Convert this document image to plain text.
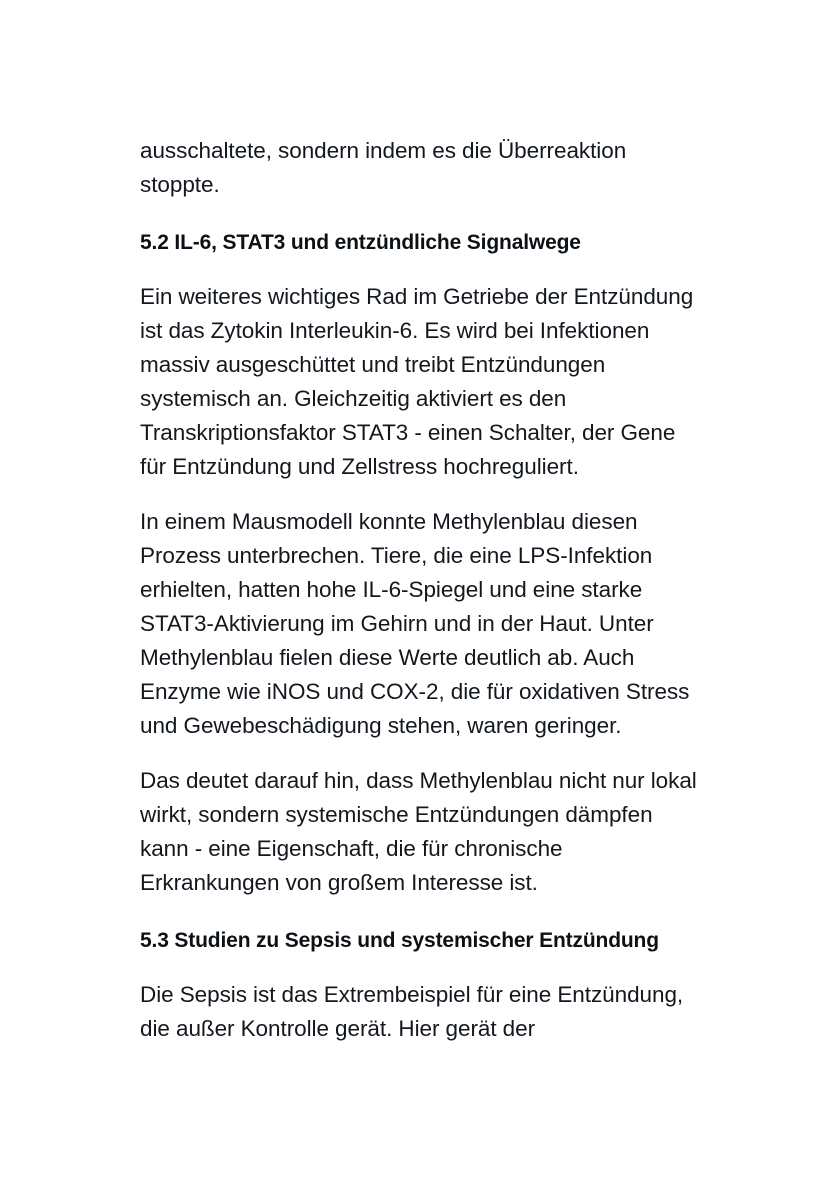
ausschaltete, sondern indem es die Überreaktion stoppte.

5.2 IL-6, STAT3 und entzündliche Signalwege

Ein weiteres wichtiges Rad im Getriebe der Entzündung ist das Zytokin Interleukin-6. Es wird bei Infektionen massiv ausgeschüttet und treibt Entzündungen systemisch an. Gleichzeitig aktiviert es den Transkriptionsfaktor STAT3 - einen Schalter, der Gene für Entzündung und Zellstress hochreguliert.

In einem Mausmodell konnte Methylenblau diesen Prozess unterbrechen. Tiere, die eine LPS-Infektion erhielten, hatten hohe IL-6-Spiegel und eine starke STAT3-Aktivierung im Gehirn und in der Haut. Unter Methylenblau fielen diese Werte deutlich ab. Auch Enzyme wie iNOS und COX-2, die für oxidativen Stress und Gewebeschädigung stehen, waren geringer.

Das deutet darauf hin, dass Methylenblau nicht nur lokal wirkt, sondern systemische Entzündungen dämpfen kann - eine Eigenschaft, die für chronische Erkrankungen von großem Interesse ist.

5.3 Studien zu Sepsis und systemischer Entzündung

Die Sepsis ist das Extrembeispiel für eine Entzündung, die außer Kontrolle gerät. Hier gerät der
